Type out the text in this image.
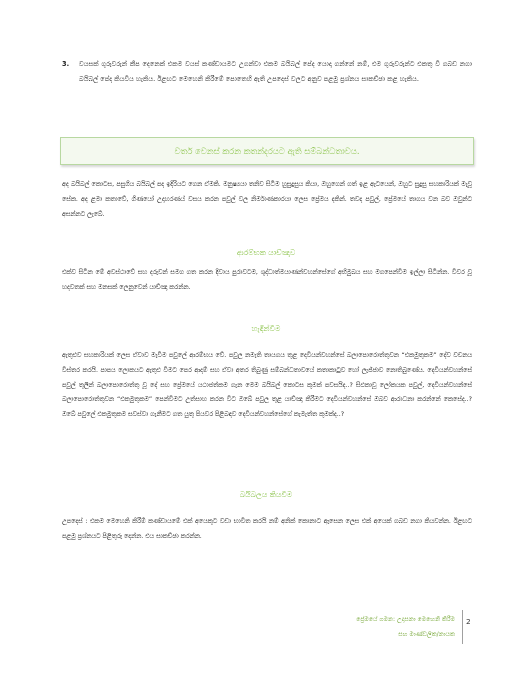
3.	වයසක් ගුරුවරුන් කීප දෙනෙක් එකම වයස් කණ්ඩායමට උගන්වා එකම බයිබල් පේද යොදා ගන්නේ නම්, එම ගුරුවරුන්ට එකතු වී ගබඩ නගා බයිබල් පේද කියවිය හැකිය. ඊළඟට මෙහෙනි කිරීමේ පොතෙහි ඇති උපදෙස් වලට අනුව පළමු ප්‍රශ්නය සාකච්ඡා කළ හැකිය.
වර්ත වෙනස් කරන කතන්දරයට ඇති සම්බන්ධතාවය.
අද බයිබල් කොටස, පසුගිය බයිබල් පද ඉදිරියට ගෙන ඒමකි. මනුෂ්‍යයා තනිව සිටීම හුසුදුසුය කියා, ඔහුගෙන් ගත් ඉළ ඇටයෙන්, ඔහුට සුදුසු සහකාරියක් මැවූ සේක. අද ළමා කතාවේ, ගිණයෝ උදාහරණය් වසය කරන පවුල් වල නිර්මාණකාරයා ලෙස ප්‍රේමය දකින්. තවද පවුල්, ප්‍රේමයේ තාගය වන බව ඔවුන්ට අසන්නට ලැබේ.
ආරම්භක යාච්ඤාව
එක්ව සිටින මේ අවස්ථාවේ සහ දරුවන් සමග ගත කරන දිවාය පුරාවටම, ශුද්ධාත්මයාණන්වහන්සේගේ අභිමුඛය සහ මගපෙන්වීම ඉල්ලා සිටින්න. විවර වූ හදවතක් සහ මනසක් ලෙනුවෙන් යාච්ඤා කරන්න.
හැඳින්වීම
ඇතුළුව සහකාරියක් ලෙස ඒවාව මැවීම පවුලේ ආරම්භය වේ. පවුල නමැති තායගය තුළ දෙවියන්වහන්සේ බලාපොරොත්තුවන “එකමුතුකම” දේව වචනය විස්තර කරයි. පාපය ලොකයට ඇතුළු වීමට පෙර ආදම් සහ ඒවා අතර තිබුණු සම්බන්ධතාවයේ කතාකාටුව හෝ ලැජ්ජාව නොතිබුණේය. දෙවියන්වහන්සේ පවුල් තුලින් බලාපොරොත්තු වූ දේ සහ ප්‍රේමයේ යථාජත්කම ගැන මෙම බයිබල් කොටස කුමක් පවසයිද..? සිළුකාවූ ලෝකයක පවුල්, දෙවියන්වහන්සේ බලාපොරොත්තුවන “එකමුතුකම” පෙන්වීමට උත්සාහ කරන විට ඔබේ පවුල තුළ යාච්ඤා කිරීමට දෙවියන්වහන්සේ ඔබව ආරාධනා කරන්නේ කෙසේද..? ඔබේ පවුලේ එකමුතුකම සවස්වා ගැනීමට ගත යුතු පියවර පිළිබඳව දෙවියන්වහන්සේගේ කැමැත්ත කුමක්ද..?
බයිබලය කියවීම
උපදෙස් : එකම මෙහෙනි කිරීම් කණ්ඩායමේ එක් අයෙකුට වඩා භාවිත කරයි නම් අනික් කොනාට ඇසෙන ලෙස එක් අයෙක් ගබඩ නගා කියවන්න. ඊළඟට පළමු ප්‍රශ්නයට පිළිතුරු දෙන්න. එය සාකච්ඡා කරන්න.
ප්‍රේමයේ ගමන: උදාසනා මෙහෙනි කිරීම
සහ මාණ්ඩලික/නායක
2
